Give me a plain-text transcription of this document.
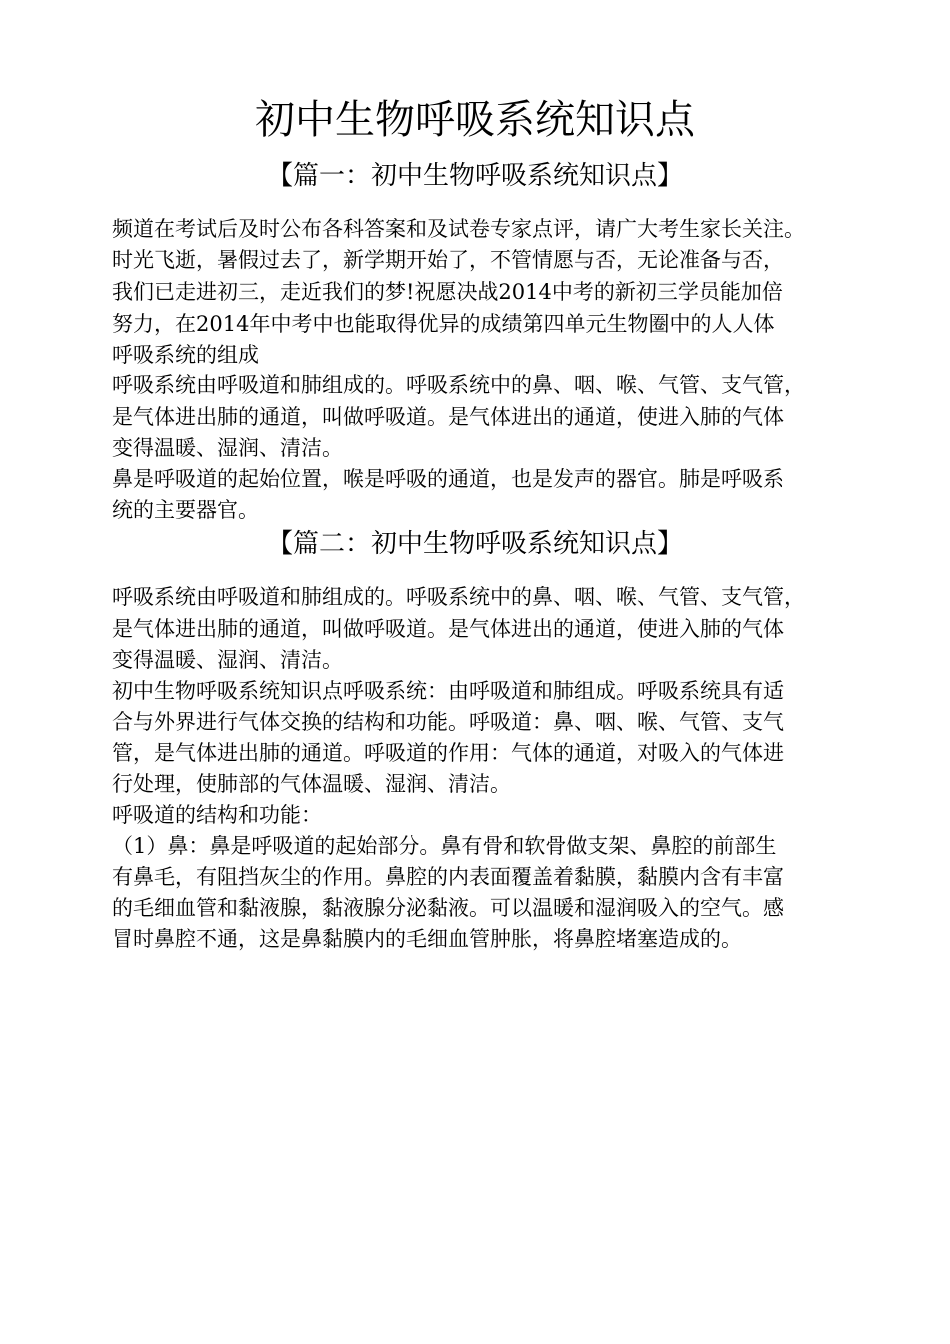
初中生物呼吸系统知识点
【篇一：初中生物呼吸系统知识点】
频道在考试后及时公布各科答案和及试卷专家点评，请广大考生家长关注。
时光飞逝，暑假过去了，新学期开始了，不管情愿与否，无论准备与否，
我们已走进初三，走近我们的梦!祝愿决战2014中考的新初三学员能加倍
努力，在2014年中考中也能取得优异的成绩第四单元生物圈中的人人体
呼吸系统的组成
呼吸系统由呼吸道和肺组成的。呼吸系统中的鼻、咽、喉、气管、支气管，
是气体进出肺的通道，叫做呼吸道。是气体进出的通道，使进入肺的气体
变得温暖、湿润、清洁。
鼻是呼吸道的起始位置，喉是呼吸的通道，也是发声的器官。肺是呼吸系
统的主要器官。
【篇二：初中生物呼吸系统知识点】
呼吸系统由呼吸道和肺组成的。呼吸系统中的鼻、咽、喉、气管、支气管，
是气体进出肺的通道，叫做呼吸道。是气体进出的通道，使进入肺的气体
变得温暖、湿润、清洁。
初中生物呼吸系统知识点呼吸系统：由呼吸道和肺组成。呼吸系统具有适
合与外界进行气体交换的结构和功能。呼吸道：鼻、咽、喉、气管、支气
管，是气体进出肺的通道。呼吸道的作用：气体的通道，对吸入的气体进
行处理，使肺部的气体温暖、湿润、清洁。
呼吸道的结构和功能：
（1）鼻：鼻是呼吸道的起始部分。鼻有骨和软骨做支架、鼻腔的前部生
有鼻毛，有阻挡灰尘的作用。鼻腔的内表面覆盖着黏膜，黏膜内含有丰富
的毛细血管和黏液腺，黏液腺分泌黏液。可以温暖和湿润吸入的空气。感
冒时鼻腔不通，这是鼻黏膜内的毛细血管肿胀，将鼻腔堵塞造成的。
